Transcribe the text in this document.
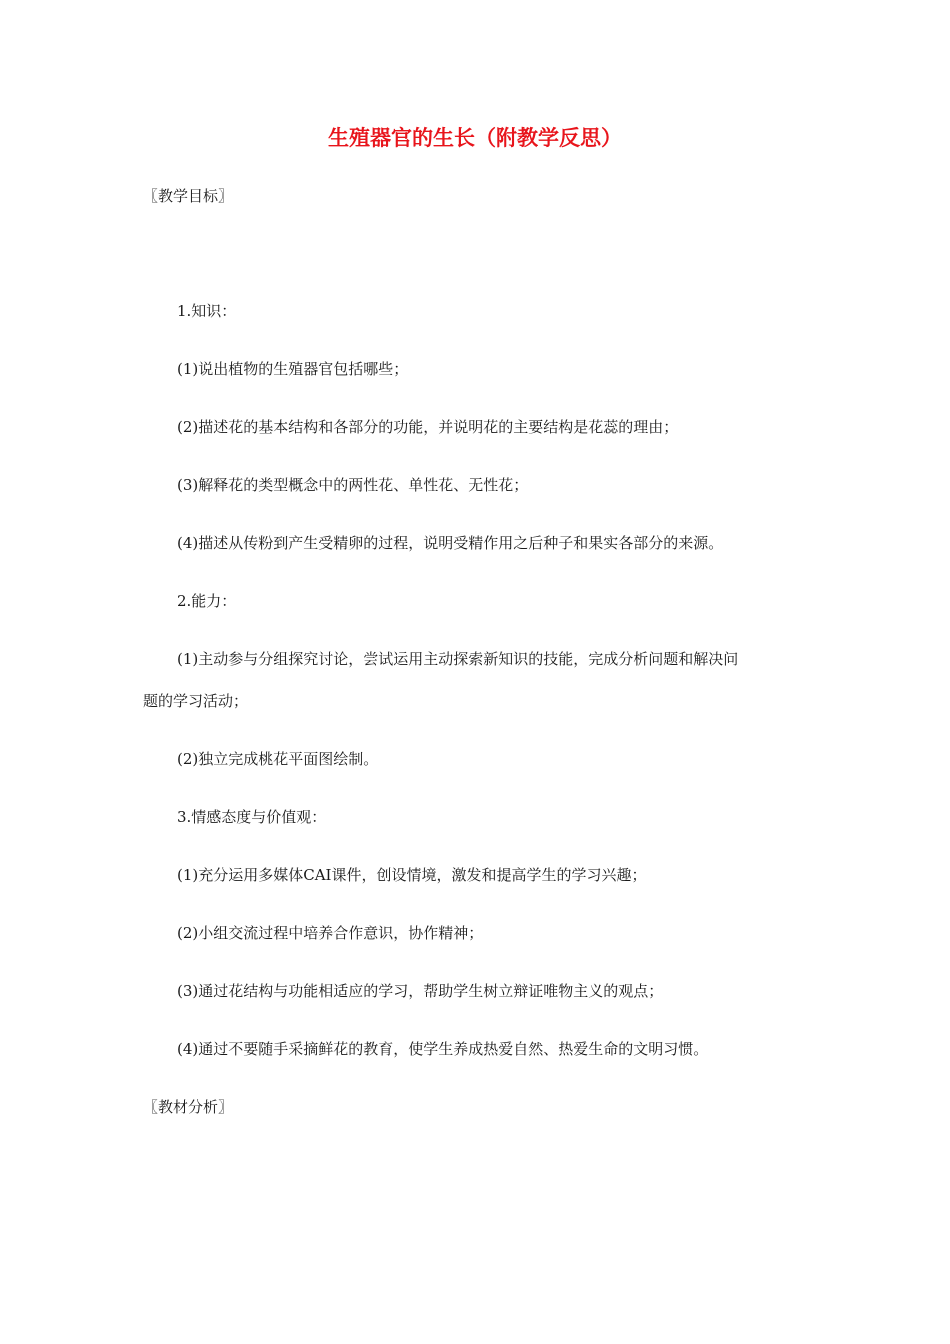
生殖器官的生长（附教学反思）
〖教学目标〗
1.知识：
(1)说出植物的生殖器官包括哪些；
(2)描述花的基本结构和各部分的功能，并说明花的主要结构是花蕊的理由；
(3)解释花的类型概念中的两性花、单性花、无性花；
(4)描述从传粉到产生受精卵的过程，说明受精作用之后种子和果实各部分的来源。
2.能力：
(1)主动参与分组探究讨论，尝试运用主动探索新知识的技能，完成分析问题和解决问
题的学习活动；
(2)独立完成桃花平面图绘制。
3.情感态度与价值观：
(1)充分运用多媒体CAI课件，创设情境，激发和提高学生的学习兴趣；
(2)小组交流过程中培养合作意识，协作精神；
(3)通过花结构与功能相适应的学习，帮助学生树立辩证唯物主义的观点；
(4)通过不要随手采摘鲜花的教育，使学生养成热爱自然、热爱生命的文明习惯。
〖教材分析〗
